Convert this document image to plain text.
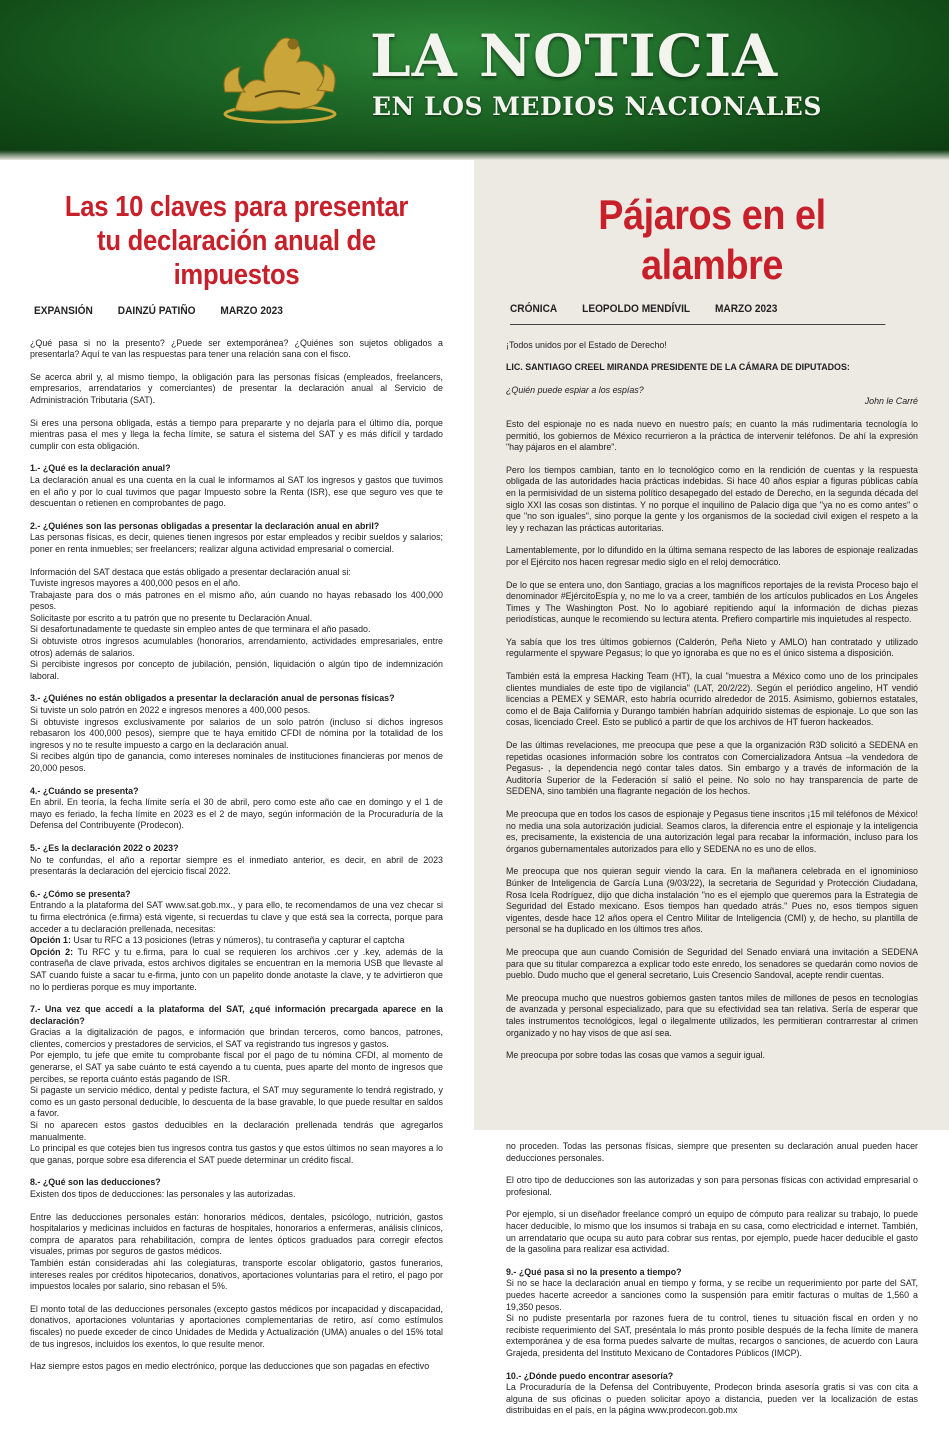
LA NOTICIA
EN LOS MEDIOS NACIONALES
Las 10 claves para presentar
tu declaración anual de impuestos
EXPANSIÓN DAINZÚ PATIÑO MARZO 2023

¿Qué pasa si no la presento? ¿Puede ser extemporánea? ¿Quiénes son sujetos obligados a presentarla? Aquí te van las respuestas para tener una relación sana con el fisco.

Se acerca abril y, al mismo tiempo, la obligación para las personas físicas (empleados, freelancers, empresarios, arrendatarios y comerciantes) de presentar la declaración anual al Servicio de Administración Tributaria (SAT).

Si eres una persona obligada, estás a tiempo para prepararte y no dejarla para el último día, porque mientras pasa el mes y llega la fecha límite, se satura el sistema del SAT y es más difícil y tardado cumplir con esta obligación.

1.- ¿Qué es la declaración anual?

La declaración anual es una cuenta en la cual le informamos al SAT los ingresos y gastos que tuvimos en el año y por lo cual tuvimos que pagar Impuesto sobre la Renta (ISR), ese que seguro ves que te descuentan o retienen en comprobantes de pago.

2.- ¿Quiénes son las personas obligadas a presentar la declaración anual en abril?

Las personas físicas, es decir, quienes tienen ingresos por estar empleados y recibir sueldos y salarios; poner en renta inmuebles; ser freelancers; realizar alguna actividad empresarial o comercial.

Información del SAT destaca que estás obligado a presentar declaración anual si:

Tuviste ingresos mayores a 400,000 pesos en el año.

Trabajaste para dos o más patrones en el mismo año, aún cuando no hayas rebasado los 400,000 pesos.

Solicitaste por escrito a tu patrón que no presente tu Declaración Anual.

Si desafortunadamente te quedaste sin empleo antes de que terminara el año pasado.

Si obtuviste otros ingresos acumulables (honorarios, arrendamiento, actividades empresariales, entre otros) además de salarios.

Si percibiste ingresos por concepto de jubilación, pensión, liquidación o algún tipo de indemnización laboral.

3.- ¿Quiénes no están obligados a presentar la declaración anual de personas físicas?

Si tuviste un solo patrón en 2022 e ingresos menores a 400,000 pesos.

Si obtuviste ingresos exclusivamente por salarios de un solo patrón (incluso si dichos ingresos rebasaron los 400,000 pesos), siempre que te haya emitido CFDI de nómina por la totalidad de los ingresos y no te resulte impuesto a cargo en la declaración anual.

Si recibes algún tipo de ganancia, como intereses nominales de instituciones financieras por menos de 20,000 pesos.

4.- ¿Cuándo se presenta?

En abril. En teoría, la fecha límite sería el 30 de abril, pero como este año cae en domingo y el 1 de mayo es feriado, la fecha límite en 2023 es el 2 de mayo, según información de la Procuraduría de la Defensa del Contribuyente (Prodecon).

5.- ¿Es la declaración 2022 o 2023?

No te confundas, el año a reportar siempre es el inmediato anterior, es decir, en abril de 2023 presentarás la declaración del ejercicio fiscal 2022.

6.- ¿Cómo se presenta?

Entrando a la plataforma del SAT www.sat.gob.mx., y para ello, te recomendamos de una vez checar si tu firma electrónica (e.firma) está vigente, si recuerdas tu clave y que está sea la correcta, porque para acceder a tu declaración prellenada, necesitas:

Opción 1: Usar tu RFC a 13 posiciones (letras y números), tu contraseña y capturar el captcha

Opción 2: Tu RFC y tu e.firma, para lo cual se requieren los archivos .cer y .key, además de la contraseña de clave privada, estos archivos digitales se encuentran en la memoria USB que llevaste al SAT cuando fuiste a sacar tu e-firma, junto con un papelito donde anotaste la clave, y te advirtieron que no lo perdieras porque es muy importante.

7.- Una vez que accedí a la plataforma del SAT, ¿qué información precargada aparece en la declaración?

Gracias a la digitalización de pagos, e información que brindan terceros, como bancos, patrones, clientes, comercios y prestadores de servicios, el SAT va registrando tus ingresos y gastos.

Por ejemplo, tu jefe que emite tu comprobante fiscal por el pago de tu nómina CFDI, al momento de generarse, el SAT ya sabe cuánto te está cayendo a tu cuenta, pues aparte del monto de ingresos que percibes, se reporta cuánto estás pagando de ISR.

Si pagaste un servicio médico, dental y pediste factura, el SAT muy seguramente lo tendrá registrado, y como es un gasto personal deducible, lo descuenta de la base gravable, lo que puede resultar en saldos a favor.

Si no aparecen estos gastos deducibles en la declaración prellenada tendrás que agregarlos manualmente.

Lo principal es que cotejes bien tus ingresos contra tus gastos y que estos últimos no sean mayores a lo que ganas, porque sobre esa diferencia el SAT puede determinar un crédito fiscal.

8.- ¿Qué son las deducciones?

Existen dos tipos de deducciones: las personales y las autorizadas.

Entre las deducciones personales están: honorarios médicos, dentales, psicólogo, nutrición, gastos hospitalarios y medicinas incluidos en facturas de hospitales, honorarios a enfermeras, análisis clínicos, compra de aparatos para rehabilitación, compra de lentes ópticos graduados para corregir efectos visuales, primas por seguros de gastos médicos.

También están consideradas ahí las colegiaturas, transporte escolar obligatorio, gastos funerarios, intereses reales por créditos hipotecarios, donativos, aportaciones voluntarias para el retiro, el pago por impuestos locales por salario, sino rebasan el 5%.

El monto total de las deducciones personales (excepto gastos médicos por incapacidad y discapacidad, donativos, aportaciones voluntarias y aportaciones complementarias de retiro, así como estímulos fiscales) no puede exceder de cinco Unidades de Medida y Actualización (UMA) anuales o del 15% total de tus ingresos, incluidos los exentos, lo que resulte menor.

Haz siempre estos pagos en medio electrónico, porque las deducciones que son pagadas en efectivo

Pájaros en el alambre
CRÓNICA LEOPOLDO MENDÍVIL MARZO 2023

¡Todos unidos por el Estado de Derecho!

LIC. SANTIAGO CREEL MIRANDA PRESIDENTE DE LA CÁMARA DE DIPUTADOS:

¿Quién puede espiar a los espías?

John le Carré

Esto del espionaje no es nada nuevo en nuestro país; en cuanto la más rudimentaria tecnología lo permitió, los gobiernos de México recurrieron a la práctica de intervenir teléfonos. De ahí la expresión "hay pájaros en el alambre".

Pero los tiempos cambian, tanto en lo tecnológico como en la rendición de cuentas y la respuesta obligada de las autoridades hacia prácticas indebidas. Si hace 40 años espiar a figuras públicas cabía en la permisividad de un sistema político desapegado del estado de Derecho, en la segunda década del siglo XXI las cosas son distintas. Y no porque el inquilino de Palacio diga que "ya no es como antes" o que "no son iguales", sino porque la gente y los organismos de la sociedad civil exigen el respeto a la ley y rechazan las prácticas autoritarias.

Lamentablemente, por lo difundido en la última semana respecto de las labores de espionaje realizadas por el Ejército nos hacen regresar medio siglo en el reloj democrático.

De lo que se entera uno, don Santiago, gracias a los magníficos reportajes de la revista Proceso bajo el denominador #EjércitoEspía y, no me lo va a creer, también de los artículos publicados en Los Ángeles Times y The Washington Post. No lo agobiaré repitiendo aquí la información de dichas piezas periodísticas, aunque le recomiendo su lectura atenta. Prefiero compartirle mis inquietudes al respecto.

Ya sabía que los tres últimos gobiernos (Calderón, Peña Nieto y AMLO) han contratado y utilizado regularmente el spyware Pegasus; lo que yo ignoraba es que no es el único sistema a disposición.

También está la empresa Hacking Team (HT), la cual "muestra a México como uno de los principales clientes mundiales de este tipo de vigilancia" (LAT, 20/2/22). Según el periódico angelino, HT vendió licencias a PEMEX y SEMAR, esto habría ocurrido alrededor de 2015. Asimismo, gobiernos estatales, como el de Baja California y Durango también habrían adquirido sistemas de espionaje. Lo que son las cosas, licenciado Creel. Esto se publicó a partir de que los archivos de HT fueron hackeados.

De las últimas revelaciones, me preocupa que pese a que la organización R3D solicitó a SEDENA en repetidas ocasiones información sobre los contratos con Comercializadora Antsua –la vendedora de Pegasus- , la dependencia negó contar tales datos. Sin embargo y a través de información de la Auditoría Superior de la Federación sí salió el peine. No solo no hay transparencia de parte de SEDENA, sino también una flagrante negación de los hechos.

Me preocupa que en todos los casos de espionaje y Pegasus tiene inscritos ¡15 mil teléfonos de México! no media una sola autorización judicial. Seamos claros, la diferencia entre el espionaje y la inteligencia es, precisamente, la existencia de una autorización legal para recabar la información, incluso para los órganos gubernamentales autorizados para ello y SEDENA no es uno de ellos.

Me preocupa que nos quieran seguir viendo la cara. En la mañanera celebrada en el ignominioso Búnker de Inteligencia de García Luna (9/03/22), la secretaria de Seguridad y Protección Ciudadana, Rosa Icela Rodríguez, dijo que dicha instalación "no es el ejemplo que queremos para la Estrategia de Seguridad del Estado mexicano. Esos tiempos han quedado atrás." Pues no, esos tiempos siguen vigentes, desde hace 12 años opera el Centro Militar de Inteligencia (CMI) y, de hecho, su plantilla de personal se ha duplicado en los últimos tres años.

Me preocupa que aun cuando Comisión de Seguridad del Senado enviará una invitación a SEDENA para que su titular comparezca a explicar todo este enredo, los senadores se quedarán como novios de pueblo. Dudo mucho que el general secretario, Luis Cresencio Sandoval, acepte rendir cuentas.

Me preocupa mucho que nuestros gobiernos gasten tantos miles de millones de pesos en tecnologías de avanzada y personal especializado, para que su efectividad sea tan relativa. Sería de esperar que tales instrumentos tecnológicos, legal o ilegalmente utilizados, les permitieran contrarrestar al crimen organizado y no hay visos de que así sea.

Me preocupa por sobre todas las cosas que vamos a seguir igual.

no proceden. Todas las personas físicas, siempre que presenten su declaración anual pueden hacer deducciones personales.

El otro tipo de deducciones son las autorizadas y son para personas físicas con actividad empresarial o profesional.

Por ejemplo, si un diseñador freelance compró un equipo de cómputo para realizar su trabajo, lo puede hacer deducible, lo mismo que los insumos si trabaja en su casa, como electricidad e internet. También, un arrendatario que ocupa su auto para cobrar sus rentas, por ejemplo, puede hacer deducible el gasto de la gasolina para realizar esa actividad.

9.- ¿Qué pasa si no la presento a tiempo?

Si no se hace la declaración anual en tiempo y forma, y se recibe un requerimiento por parte del SAT, puedes hacerte acreedor a sanciones como la suspensión para emitir facturas o multas de 1,560 a 19,350 pesos.

Si no pudiste presentarla por razones fuera de tu control, tienes tu situación fiscal en orden y no recibiste requerimiento del SAT, preséntala lo más pronto posible después de la fecha límite de manera extemporánea y de esa forma puedes salvarte de multas, recargos o sanciones, de acuerdo con Laura Grajeda, presidenta del Instituto Mexicano de Contadores Públicos (IMCP).

10.- ¿Dónde puedo encontrar asesoría?

La Procuraduría de la Defensa del Contribuyente, Prodecon brinda asesoría gratis si vas con cita a alguna de sus oficinas o pueden solicitar apoyo a distancia, pueden ver la localización de estas distribuidas en el país, en la página www.prodecon.gob.mx
